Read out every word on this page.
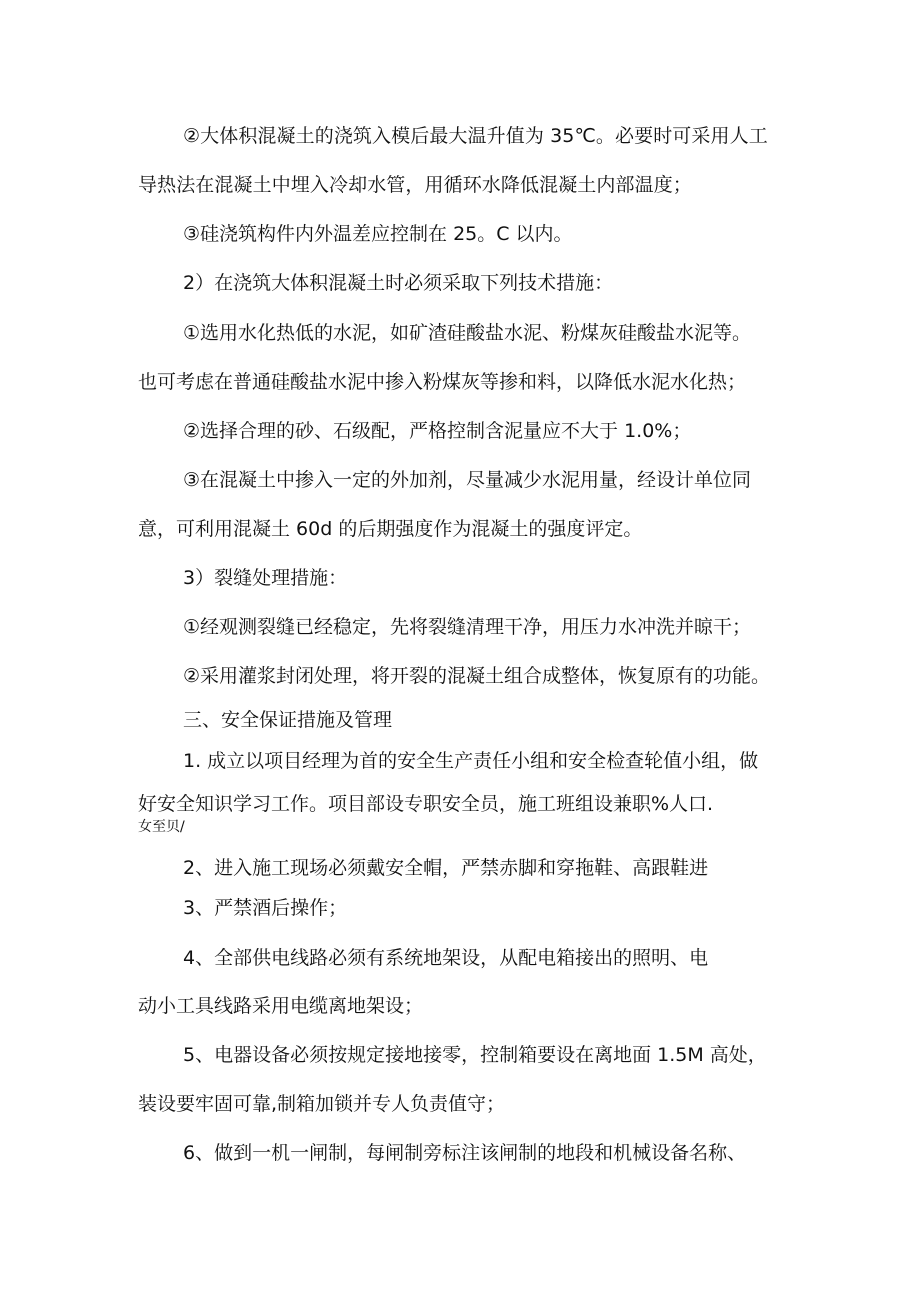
②大体积混凝土的浇筑入模后最大温升值为 35℃。必要时可采用人工
导热法在混凝土中埋入冷却水管，用循环水降低混凝土内部温度；
③硅浇筑构件内外温差应控制在 25。C 以内。
2）在浇筑大体积混凝土时必须采取下列技术措施：
①选用水化热低的水泥，如矿渣硅酸盐水泥、粉煤灰硅酸盐水泥等。
也可考虑在普通硅酸盐水泥中掺入粉煤灰等掺和料，以降低水泥水化热；
②选择合理的砂、石级配，严格控制含泥量应不大于 1.0%；
③在混凝土中掺入一定的外加剂，尽量减少水泥用量，经设计单位同
意，可利用混凝土 60d 的后期强度作为混凝土的强度评定。
3）裂缝处理措施：
①经观测裂缝已经稳定，先将裂缝清理干净，用压力水冲洗并晾干；
②采用灌浆封闭处理，将开裂的混凝土组合成整体，恢复原有的功能。
三、安全保证措施及管理
1. 成立以项目经理为首的安全生产责任小组和安全检查轮值小组，做
好安全知识学习工作。项目部设专职安全员，施工班组设兼职%人口.
女至贝/
2、进入施工现场必须戴安全帽，严禁赤脚和穿拖鞋、高跟鞋进
3、严禁酒后操作；
4、全部供电线路必须有系统地架设，从配电箱接出的照明、电
动小工具线路采用电缆离地架设；
5、电器设备必须按规定接地接零，控制箱要设在离地面 1.5M 高处，
装设要牢固可靠,制箱加锁并专人负责值守；
6、做到一机一闸制，每闸制旁标注该闸制的地段和机械设备名称、
